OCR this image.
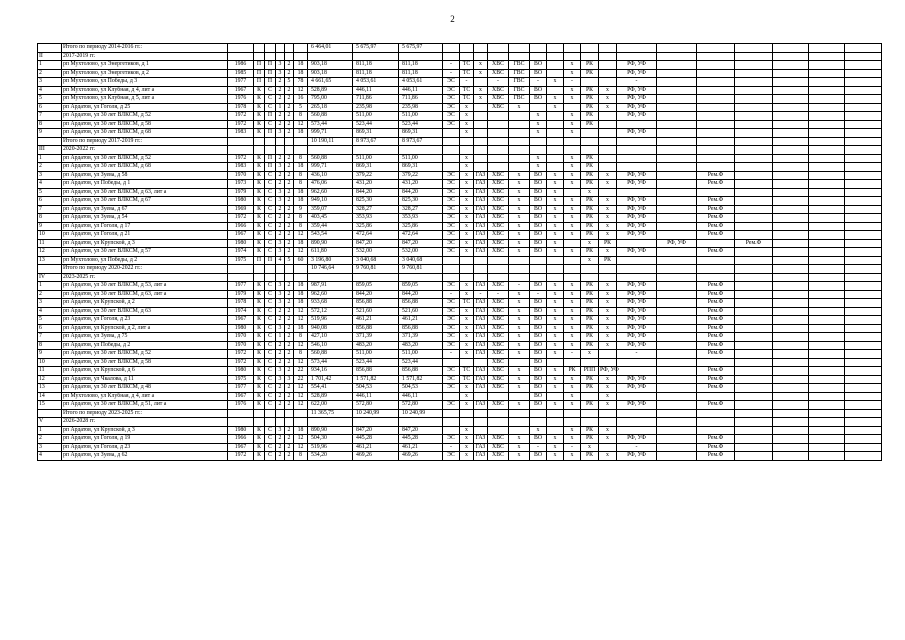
2
	Итого по периоду 2014-2016 гг.:							6 464,01	5 675,97	5 675,97																	
II	2017-2019 гг.																										
1	рп Мухтолово, ул Энергетиков, д 1	1986	П	П	3	2	18	903,18	811,18	811,18	-	ТС	х	ХВС	ГВС	ВО		х	РК		РФ, УФ						
2	рп Мухтолово, ул Энергетиков, д 2	1985	П	П	3	2	18	903,18	811,18	811,18	-	ТС	х	ХВС	ГВС	ВО		х	РК		РФ, УФ						
3	рп Мухтолово, ул Победы, д 3	1977	П	П	2	5	78	4 661,65	4 053,61	4 053,61	ЭС	-		-	ГВС	-	х	-			-						
4	рп Мухтолово, ул Клубная, д 4, лит а	1967	К	С	2	2	12	528,89	446,11	446,11	ЭС	ТС	х	ХВС	ГВС	ВО		х	РК	х	РФ, УФ						
5	рп Мухтолово, ул Клубная, д 5, лит а	1976	К	С	2	2	16	795,00	711,86	711,86	ЭС	ТС	х	ХВС	ГВС	ВО	х	х	РК	х	РФ, УФ						
6	рп Ардатов, ул Гоголя, д 25	1978	К	С	1	2	5	265,18	235,98	235,98	ЭС	х		ХВС	х		х		РК	х	РФ, УФ						
7	рп Ардатов, ул 30 лет ВЛКСМ, д 52	1972	К	П	2	2	8	560,88	511,00	511,00	ЭС	х				х		х	РК		РФ, УФ						
8	рп Ардатов, ул 30 лет ВЛКСМ, д 58	1972	К	С	2	2	12	573,44	523,44	523,44	ЭС	х				х		х	РК								
9	рп Ардатов, ул 30 лет ВЛКСМ, д 68	1983	К	П	3	2	18	999,71	869,31	869,31		х				х		х			РФ, УФ						
	Итого по периоду 2017-2019 гг.:							10 190,11	8 973,67	8 973,67																	
III	2020-2022 гг.																										
1	рп Ардатов, ул 30 лет ВЛКСМ, д 52	1972	К	П	2	2	8	560,88	511,00	511,00		х				х		х	РК								
2	рп Ардатов, ул 30 лет ВЛКСМ, д 68	1983	К	П	3	2	18	999,71	869,31	869,31		х				х		х	РК								
3	рп Ардатов, ул Зуева, д 58	1970	К	С	2	2	8	436,10	379,22	379,22	ЭС	х	ГАЗ	ХВС	х	ВО	х	х	РК	х	РФ, УФ		Рем.Ф				
4	рп Ардатов, ул Победы, д 1	1973	К	С	2	2	8	476,06	431,20	431,20	ЭС	х	ГАЗ	ХВС	х	ВО	х	х	РК	х	РФ, УФ		Рем.Ф				
5	рп Ардатов, ул 30 лет ВЛКСМ, д 63, лит а	1979	К	С	3	2	18	962,60	844,20	844,20	ЭС	х	ГАЗ	ХВС	х	ВО	х		х								
6	рп Ардатов, ул 30 лет ВЛКСМ, д 67	1980	К	С	3	2	18	949,10	825,30	825,30	ЭС	х	ГАЗ	ХВС	х	ВО	х	х	РК	х	РФ, УФ		Рем.Ф				
7	рп Ардатов, ул Зуева, д 67	1969	К	С	2	2	9	359,07	328,27	328,27	ЭС	х	ГАЗ	ХВС	х	ВО	х	х	РК	х	РФ, УФ		Рем.Ф				
8	рп Ардатов, ул Зуева, д 54	1972	К	С	2	2	8	403,45	353,93	353,93	ЭС	х	ГАЗ	ХВС	х	ВО	х	х	РК	х	РФ, УФ		Рем.Ф				
9	рп Ардатов, ул Гоголя, д 17	1966	К	С	2	2	8	359,44	325,86	325,86	ЭС	х	ГАЗ	ХВС	х	ВО	х	х	РК	х	РФ, УФ		Рем.Ф				
10	рп Ардатов, ул Гоголя, д 21	1967	К	С	2	2	12	543,54	472,64	472,64	ЭС	х	ГАЗ	ХВС	х	ВО	х	х	РК	х	РФ, УФ		Рем.Ф				
11	рп Ардатов, ул Крупской, д 3	1980	К	С	3	2	18	890,90	847,20	847,20	ЭС	х	ГАЗ	ХВС	х	ВО	х		х	РК		РФ, УФ		Рем.Ф			
12	рп Ардатов, ул 30 лет ВЛКСМ, д 57	1974	К	С	3	2	12	611,80	532,00	532,00	ЭС	х	ГАЗ	ХВС	х	ВО	х	х	РК	х	РФ, УФ		Рем.Ф				
13	рп Мухтолово, ул Победы, д 2	1975	П	П	4	5	60	3 196,80	3 040,68	3 040,68									х	РК							
	Итого по периоду 2020-2022 гг.:							10 746,64	9 760,81	9 760,81																	
IV	2023-2025 гг.																										
1	рп Ардатов, ул 30 лет ВЛКСМ, д 53, лит а	1977	К	С	3	2	18	987,91	859,05	859,05	ЭС	х	ГАЗ	ХВС	-	ВО	х	х	РК	х	РФ, УФ		Рем.Ф				
2	рп Ардатов, ул 30 лет ВЛКСМ, д 63, лит а	1979	К	С	3	2	18	962,60	844,20	844,20	-	х	-	-	х	-	х	х	РК	х	РФ, УФ		Рем.Ф				
3	рп Ардатов, ул Крупской, д 2	1978	К	С	3	2	18	933,68	856,88	856,88	ЭС	ТС	ГАЗ	ХВС	х	ВО	х	х	РК	х	РФ, УФ		Рем.Ф				
4	рп Ардатов, ул 30 лет ВЛКСМ, д 63	1974	К	С	2	2	12	572,12	521,60	521,60	ЭС	х	ГАЗ	ХВС	х	ВО	х	х	РК	х	РФ, УФ		Рем.Ф				
5	рп Ардатов, ул Гоголя, д 23	1967	К	С	2	2	12	519,96	461,21	461,21	ЭС	х	ГАЗ	ХВС	х	ВО	х	х	РК	х	РФ, УФ		Рем.Ф				
6	рп Ардатов, ул Крупской, д 2, лит а	1980	К	С	3	2	18	940,08	856,88	856,88	ЭС	х	ГАЗ	ХВС	х	ВО	х	х	РК	х	РФ, УФ		Рем.Ф				
7	рп Ардатов, ул Зуева, д 75	1970	К	С	1	2	8	427,10	371,39	371,39	ЭС	х	ГАЗ	ХВС	х	ВО	х	х	РК	х	РФ, УФ		Рем.Ф				
8	рп Ардатов, ул Победы, д 2	1970	К	С	2	2	12	546,10	483,20	483,20	ЭС	х	ГАЗ	ХВС	х	ВО	х	х	РК	х	РФ, УФ		Рем.Ф				
9	рп Ардатов, ул 30 лет ВЛКСМ, д 52	1972	К	С	2	2	8	560,88	511,00	511,00	-	х	ГАЗ	ХВС	х	ВО	х	-	х		-		Рем.Ф				
10	рп Ардатов, ул 30 лет ВЛКСМ, д 58	1972	К	С	2	2	12	573,44	523,44	523,44				ХВС		ВО											
11	рп Ардатов, ул Крупской, д 6	1980	К	С	3	2	22	934,16	856,88	856,88	ЭС	ТС	ГАЗ	ХВС	х	ВО	х	РК	РПП	РФ, УФ			Рем.Ф				
12	рп Ардатов, ул Чкалова, д 11	1975	К	С	3	3	22	1 701,42	1 571,82	1 571,82	ЭС	ТС	ГАЗ	ХВС	х	ВО	х	х	РК	х	РФ, УФ		Рем.Ф				
13	рп Ардатов, ул 30 лет ВЛКСМ, д 48	1977	К	С	2	2	12	554,41	504,53	504,53	ЭС	х	ГАЗ	ХВС	х	ВО	х	х	РК	х	РФ, УФ		Рем.Ф				
14	рп Мухтолово, ул Клубная, д 4, лит а	1967	К	С	2	2	12	528,89	446,11	446,11		х				ВО		х		х							
15	рп Ардатов, ул 30 лет ВЛКСМ, д 51, лит а	1976	К	С	2	2	12	622,00	572,80	572,80	ЭС	х	ГАЗ	ХВС	х	ВО	х	х	РК	х	РФ, УФ		Рем.Ф				
	Итого по периоду 2023-2025 гг.:							11 365,75	10 240,99	10 240,99																	
V	2026-2028 гг.																										
1	рп Ардатов, ул Крупской, д 3	1980	К	С	3	2	18	890,90	847,20	847,20		х				х		х	РК	х							
2	рп Ардатов, ул Гоголя, д 19	1966	К	С	2	2	12	504,30	445,28	445,28	ЭС	х	ГАЗ	ХВС	х	ВО	х	х	РК	х	РФ, УФ		Рем.Ф				
3	рп Ардатов, ул Гоголя, д 23	1967	К	С	2	2	12	519,96	461,21	461,21	-	х	ГАЗ	ХВС	х	-	х	-	х		-		Рем.Ф				
4	рп Ардатов, ул Зуева, д 62	1972	К	С	2	2	8	534,20	469,26	469,26	ЭС	х	ГАЗ	ХВС	х	ВО	х	х	РК	х	РФ, УФ		Рем.Ф				
